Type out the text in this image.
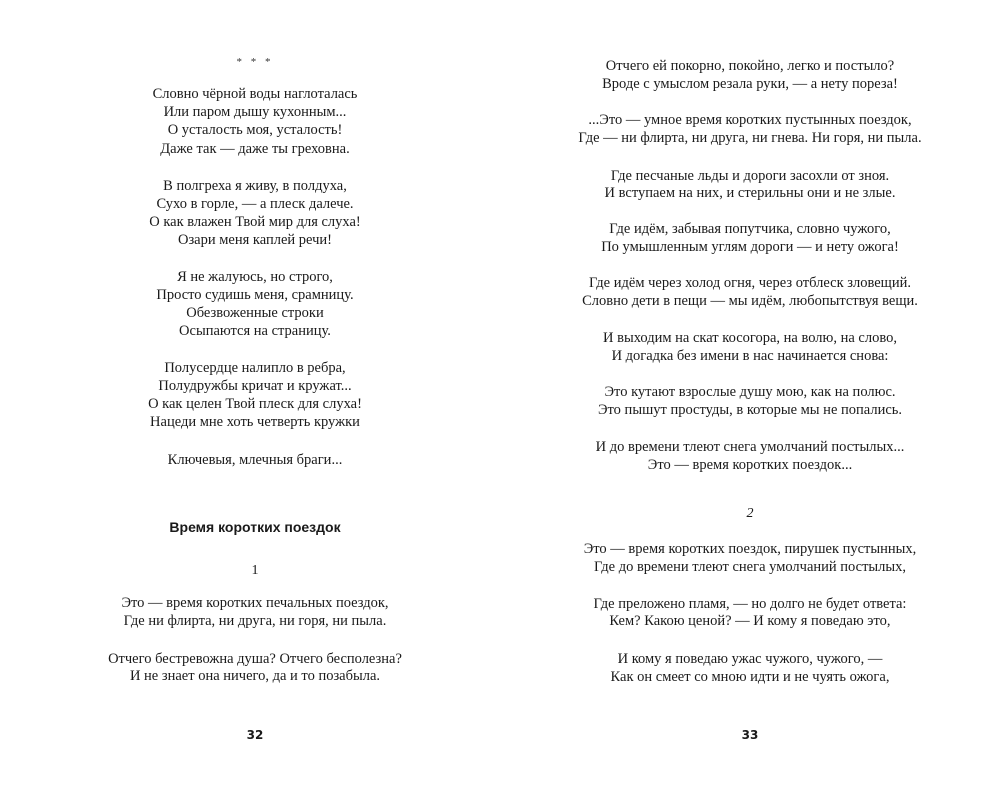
* * *
Словно чёрной воды наглоталась
Или паром дышу кухонным...
О усталость моя, усталость!
Даже так — даже ты греховна.
В полгреха я живу, в полдуха,
Сухо в горле, — а плеск далече.
О как влажен Твой мир для слуха!
Озари меня каплей речи!
Я не жалуюсь, но строго,
Просто судишь меня, срамницу.
Обезвоженные строки
Осыпаются на страницу.
Полусердце налипло в ребра,
Полудружбы кричат и кружат...
О как целен Твой плеск для слуха!
Нацеди мне хоть четверть кружки
Ключевыя, млечныя браги...
Время коротких поездок
1
Это — время коротких печальных поездок,
Где ни флирта, ни друга, ни горя, ни пыла.
Отчего бестревожна душа? Отчего бесполезна?
И не знает она ничего, да и то позабыла.
32
Отчего ей покорно, покойно, легко и постыло?
Вроде с умыслом резала руки, — а нету пореза!
...Это — умное время коротких пустынных поездок,
Где — ни флирта, ни друга, ни гнева. Ни горя, ни пыла.
Где песчаные льды и дороги засохли от зноя.
И вступаем на них, и стерильны они и не злые.
Где идём, забывая попутчика, словно чужого,
По умышленным углям дороги — и нету ожога!
Где идём через холод огня, через отблеск зловещий.
Словно дети в пещи — мы идём, любопытствуя вещи.
И выходим на скат косогора, на волю, на слово,
И догадка без имени в нас начинается снова:
Это кутают взрослые душу мою, как на полюс.
Это пышут простуды, в которые мы не попались.
И до времени тлеют снега умолчаний постылых...
Это — время коротких поездок...
2
Это — время коротких поездок, пирушек пустынных,
Где до времени тлеют снега умолчаний постылых,
Где преложено пламя, — но долго не будет ответа:
Кем? Какою ценой? — И кому я поведаю это,
И кому я поведаю ужас чужого, чужого, —
Как он смеет со мною идти и не чуять ожога,
33
